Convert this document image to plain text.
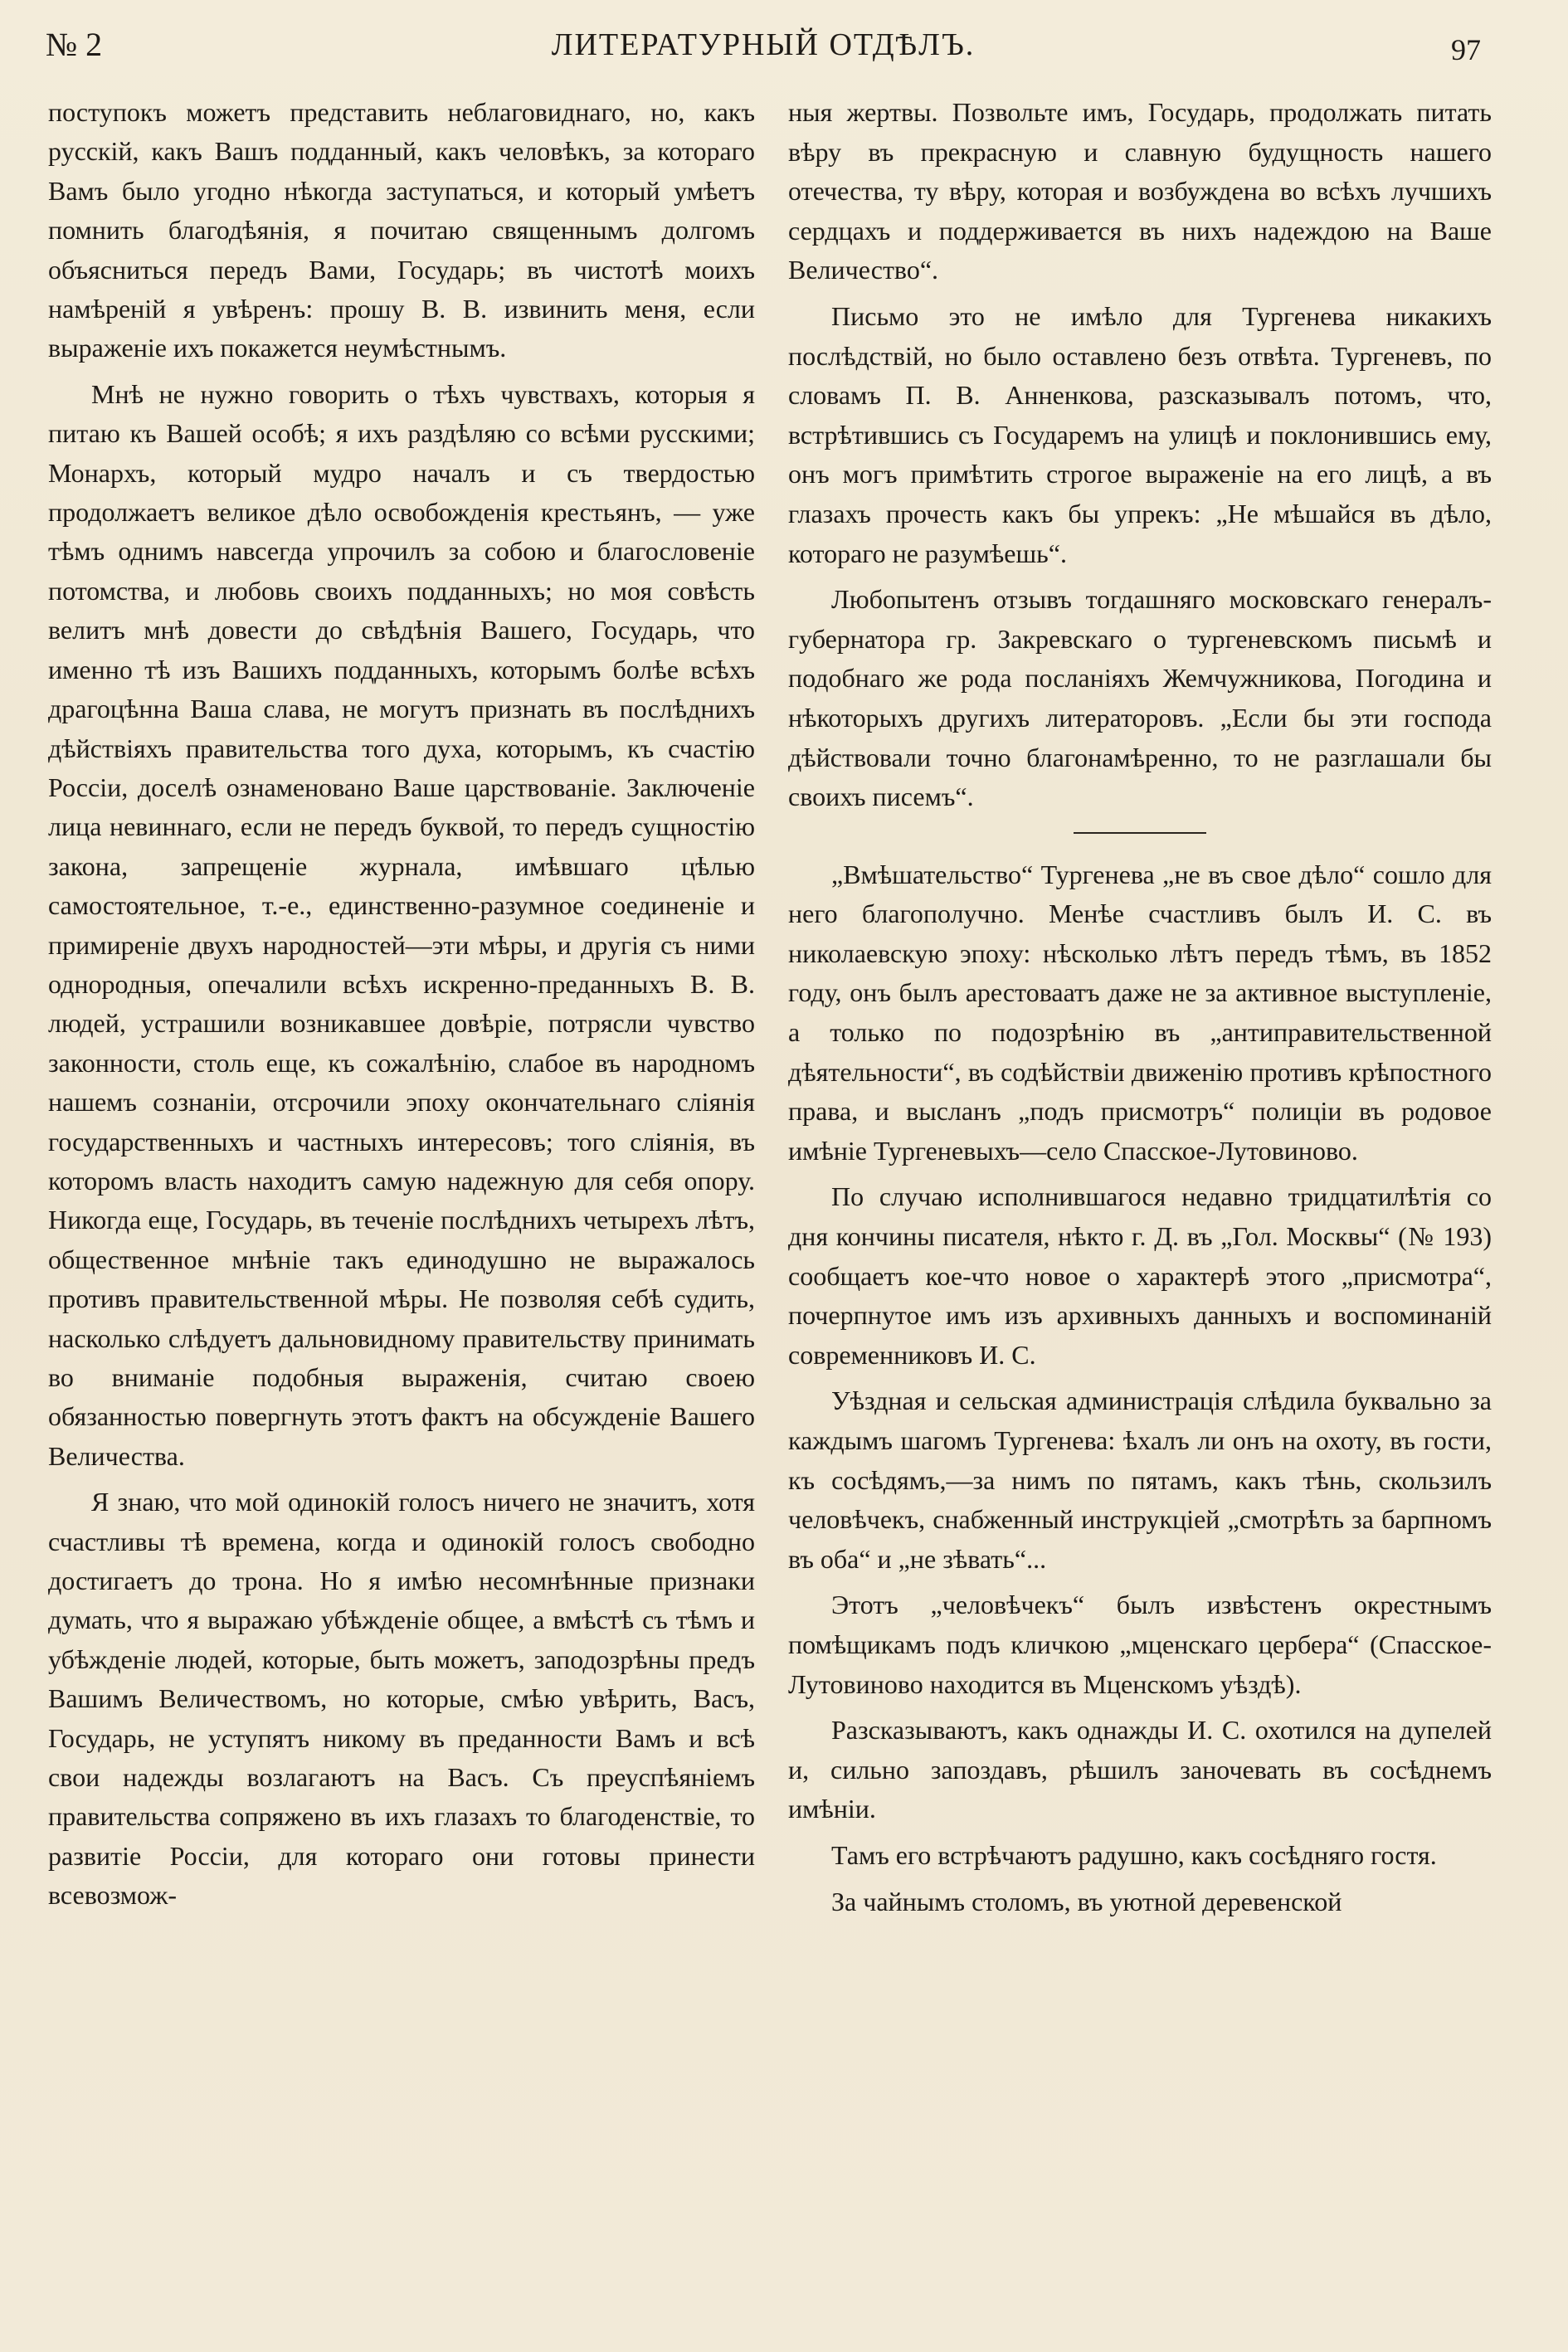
№ 2	ЛИТЕРАТУРНЫЙ ОТДѢЛЪ.	97

поступокъ можетъ представить неблаговиднаго, но, какъ русскій, какъ Вашъ подданный, какъ человѣкъ, за котораго Вамъ было угодно нѣкогда заступаться, и который умѣетъ помнить благодѣянія, я почитаю священнымъ долгомъ объясниться передъ Вами, Государь; въ чистотѣ моихъ намѣреній я увѣренъ: прошу В. В. извинить меня, если выраженіе ихъ покажется неумѣстнымъ.

Мнѣ не нужно говорить о тѣхъ чувствахъ, которыя я питаю къ Вашей особѣ; я ихъ раздѣляю со всѣми русскими; Монархъ, который мудро началъ и съ твердостью продолжаетъ великое дѣло освобожденія крестьянъ, — уже тѣмъ однимъ навсегда упрочилъ за собою и благословеніе потомства, и любовь своихъ подданныхъ; но моя совѣсть велитъ мнѣ довести до свѣдѣнія Вашего, Государь, что именно тѣ изъ Вашихъ подданныхъ, которымъ болѣе всѣхъ драгоцѣнна Ваша слава, не могутъ признать въ послѣднихъ дѣйствіяхъ правительства того духа, которымъ, къ счастію Россіи, доселѣ ознаменовано Ваше царствованіе. Заключеніе лица невиннаго, если не передъ буквой, то передъ сущностію закона, запрещеніе журнала, имѣвшаго цѣлью самостоятельное, т.-е., единственно-разумное соединеніе и примиреніе двухъ народностей—эти мѣры, и другія съ ними однородныя, опечалили всѣхъ искренно-преданныхъ В. В. людей, устрашили возникавшее довѣріе, потрясли чувство законности, столь еще, къ сожалѣнію, слабое въ народномъ нашемъ сознаніи, отсрочили эпоху окончательнаго слiянія государственныхъ и частныхъ интересовъ; того сліянія, въ которомъ власть находитъ самую надежную для себя опору. Никогда еще, Государь, въ теченіе послѣднихъ четырехъ лѣтъ, общественное мнѣніе такъ единодушно не выражалось противъ правительственной мѣры. Не позволяя себѣ судить, насколько слѣдуетъ дальновидному правительству принимать во вниманіе подобныя выраженія, считаю своею обязанностью повергнуть этотъ фактъ на обсужденіе Вашего Величества.

Я знаю, что мой одинокій голосъ ничего не значитъ, хотя счастливы тѣ времена, когда и одинокій голосъ свободно достигаетъ до трона. Но я имѣю несомнѣнные признаки думать, что я выражаю убѣжденіе общее, а вмѣстѣ съ тѣмъ и убѣжденіе людей, которые, быть можетъ, заподозрѣны предъ Вашимъ Величествомъ, но которые, смѣю увѣрить, Васъ, Государь, не уступятъ никому въ преданности Вамъ и всѣ свои надежды возлагаютъ на Васъ. Съ преуспѣяніемъ правительства сопряжено въ ихъ глазахъ то благоденствіе, то развитіе Россіи, для котораго они готовы принести всевозмож-

ныя жертвы. Позвольте имъ, Государь, продолжать питать вѣру въ прекрасную и славную будущность нашего отечества, ту вѣру, которая и возбуждена во всѣхъ лучшихъ сердцахъ и поддерживается въ нихъ надеждою на Ваше Величество“.

Письмо это не имѣло для Тургенева никакихъ послѣдствій, но было оставлено безъ отвѣта. Тургеневъ, по словамъ П. В. Анненкова, разсказывалъ потомъ, что, встрѣтившись съ Государемъ на улицѣ и поклонившись ему, онъ могъ примѣтить строгое выраженіе на его лицѣ, а въ глазахъ прочесть какъ бы упрекъ: „Не мѣшайся въ дѣло, котораго не разумѣешь“.

Любопытенъ отзывъ тогдашняго московскаго генералъ-губернатора гр. Закревскаго о тургеневскомъ письмѣ и подобнаго же рода посланіяхъ Жемчужникова, Погодина и нѣкоторыхъ другихъ литераторовъ. „Если бы эти господа дѣйствовали точно благонамѣренно, то не разглашали бы своихъ писемъ“.

„Вмѣшательство“ Тургенева „не въ свое дѣло“ сошло для него благополучно. Менѣе счастливъ былъ И. С. въ николаевскую эпоху: нѣсколько лѣтъ передъ тѣмъ, въ 1852 году, онъ былъ арестоваатъ даже не за активное выступленіе, а только по подозрѣнію въ „антиправительственной дѣятельности“, въ содѣйствіи движенію противъ крѣпостного права, и высланъ „подъ присмотръ“ полиціи въ родовое имѣніе Тургеневыхъ—село Спасское-Лутовиново.

По случаю исполнившагося недавно тридцатилѣтія со дня кончины писателя, нѣкто г. Д. въ „Гол. Москвы“ (№ 193) сообщаетъ кое-что новое о характерѣ этого „присмотра“, почерпнутое имъ изъ архивныхъ данныхъ и воспоминаній современниковъ И. С.

Уѣздная и сельская администрація слѣдила буквально за каждымъ шагомъ Тургенева: ѣхалъ ли онъ на охоту, въ гости, къ сосѣдямъ,—за нимъ по пятамъ, какъ тѣнь, скользилъ человѣчекъ, снабженный инструкціей „смотрѣть за барпномъ въ оба“ и „не зѣвать“...

Этотъ „человѣчекъ“ былъ извѣстенъ окрестнымъ помѣщикамъ подъ кличкою „мценскаго цербера“ (Спасское-Лутовиново находится въ Мценскомъ уѣздѣ).

Разсказываютъ, какъ однажды И. С. охотился на дупелей и, сильно запоздавъ, рѣшилъ заночевать въ сосѣднемъ имѣніи.

Тамъ его встрѣчаютъ радушно, какъ сосѣдняго гостя.

За чайнымъ столомъ, въ уютной деревенской
